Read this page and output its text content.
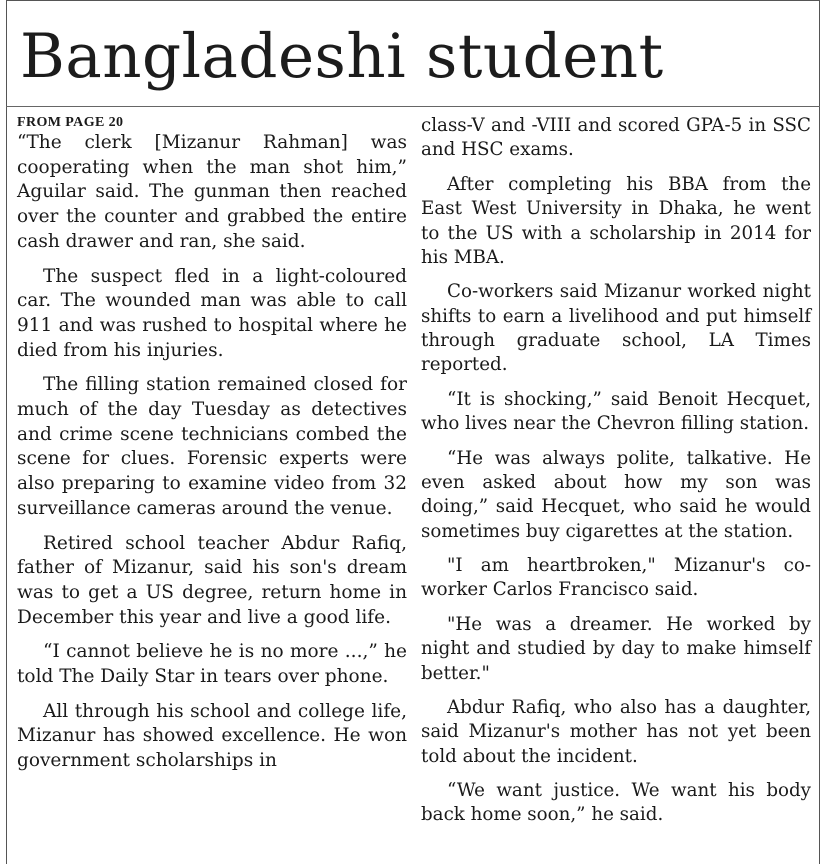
Bangladeshi student
FROM PAGE 20

“The clerk [Mizanur Rahman] was cooperating when the man shot him,” Aguilar said. The gunman then reached over the counter and grabbed the entire cash drawer and ran, she said.

The suspect fled in a light-coloured car. The wounded man was able to call 911 and was rushed to hospital where he died from his injuries.

The filling station remained closed for much of the day Tuesday as detectives and crime scene technicians combed the scene for clues. Forensic experts were also preparing to examine video from 32 surveillance cameras around the venue.

Retired school teacher Abdur Rafiq, father of Mizanur, said his son's dream was to get a US degree, return home in December this year and live a good life.

“I cannot believe he is no more ...,” he told The Daily Star in tears over phone.

All through his school and college life, Mizanur has showed excellence. He won government scholarships in

class-V and -VIII and scored GPA-5 in SSC and HSC exams.

After completing his BBA from the East West University in Dhaka, he went to the US with a scholarship in 2014 for his MBA.

Co-workers said Mizanur worked night shifts to earn a livelihood and put himself through graduate school, LA Times reported.

“It is shocking,” said Benoit Hecquet, who lives near the Chevron filling station.

“He was always polite, talkative. He even asked about how my son was doing,” said Hecquet, who said he would sometimes buy cigarettes at the station.

"I am heartbroken," Mizanur's co-worker Carlos Francisco said.

"He was a dreamer. He worked by night and studied by day to make himself better."

Abdur Rafiq, who also has a daughter, said Mizanur's mother has not yet been told about the incident.

“We want justice. We want his body back home soon,” he said.
